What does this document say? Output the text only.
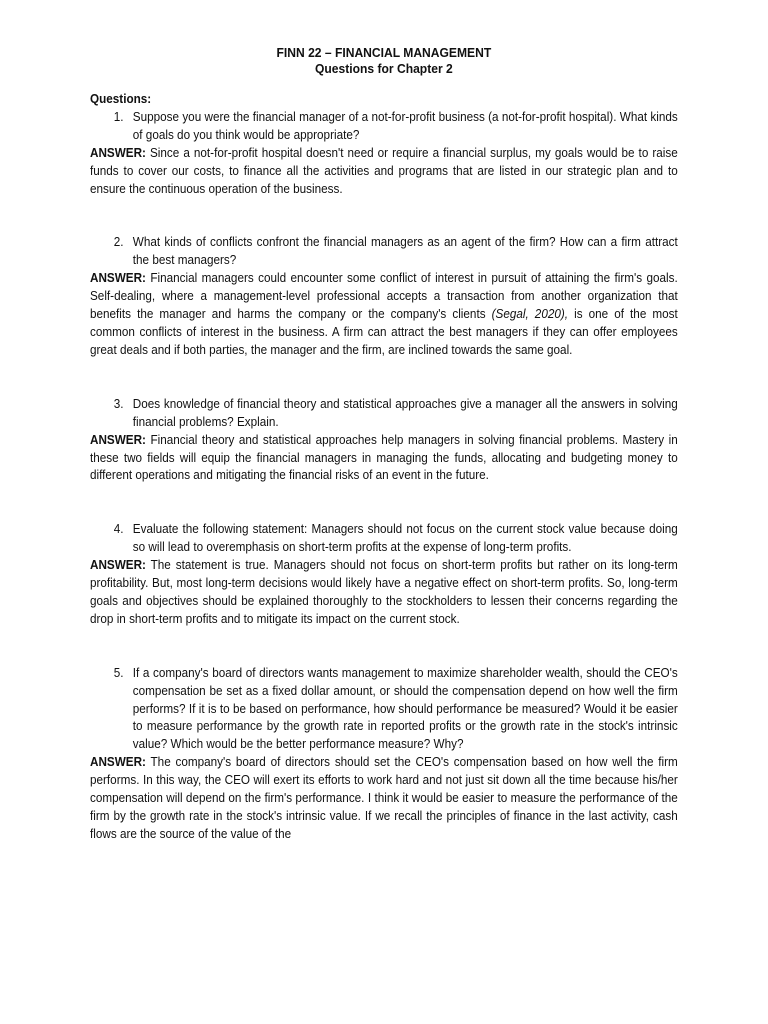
FINN 22 – FINANCIAL MANAGEMENT

Questions for Chapter 2

Questions:

1. Suppose you were the financial manager of a not-for-profit business (a not-for-profit hospital). What kinds of goals do you think would be appropriate?

ANSWER: Since a not-for-profit hospital doesn't need or require a financial surplus, my goals would be to raise funds to cover our costs, to finance all the activities and programs that are listed in our strategic plan and to ensure the continuous operation of the business.

2. What kinds of conflicts confront the financial managers as an agent of the firm? How can a firm attract the best managers?

ANSWER: Financial managers could encounter some conflict of interest in pursuit of attaining the firm's goals. Self-dealing, where a management-level professional accepts a transaction from another organization that benefits the manager and harms the company or the company's clients (Segal, 2020), is one of the most common conflicts of interest in the business. A firm can attract the best managers if they can offer employees great deals and if both parties, the manager and the firm, are inclined towards the same goal.

3. Does knowledge of financial theory and statistical approaches give a manager all the answers in solving financial problems? Explain.

ANSWER: Financial theory and statistical approaches help managers in solving financial problems. Mastery in these two fields will equip the financial managers in managing the funds, allocating and budgeting money to different operations and mitigating the financial risks of an event in the future.

4. Evaluate the following statement: Managers should not focus on the current stock value because doing so will lead to overemphasis on short-term profits at the expense of long-term profits.

ANSWER: The statement is true. Managers should not focus on short-term profits but rather on its long-term profitability. But, most long-term decisions would likely have a negative effect on short-term profits. So, long-term goals and objectives should be explained thoroughly to the stockholders to lessen their concerns regarding the drop in short-term profits and to mitigate its impact on the current stock.

5. If a company's board of directors wants management to maximize shareholder wealth, should the CEO's compensation be set as a fixed dollar amount, or should the compensation depend on how well the firm performs? If it is to be based on performance, how should performance be measured? Would it be easier to measure performance by the growth rate in reported profits or the growth rate in the stock's intrinsic value? Which would be the better performance measure? Why?

ANSWER: The company's board of directors should set the CEO's compensation based on how well the firm performs. In this way, the CEO will exert its efforts to work hard and not just sit down all the time because his/her compensation will depend on the firm's performance. I think it would be easier to measure the performance of the firm by the growth rate in the stock's intrinsic value. If we recall the principles of finance in the last activity, cash flows are the source of the value of the
